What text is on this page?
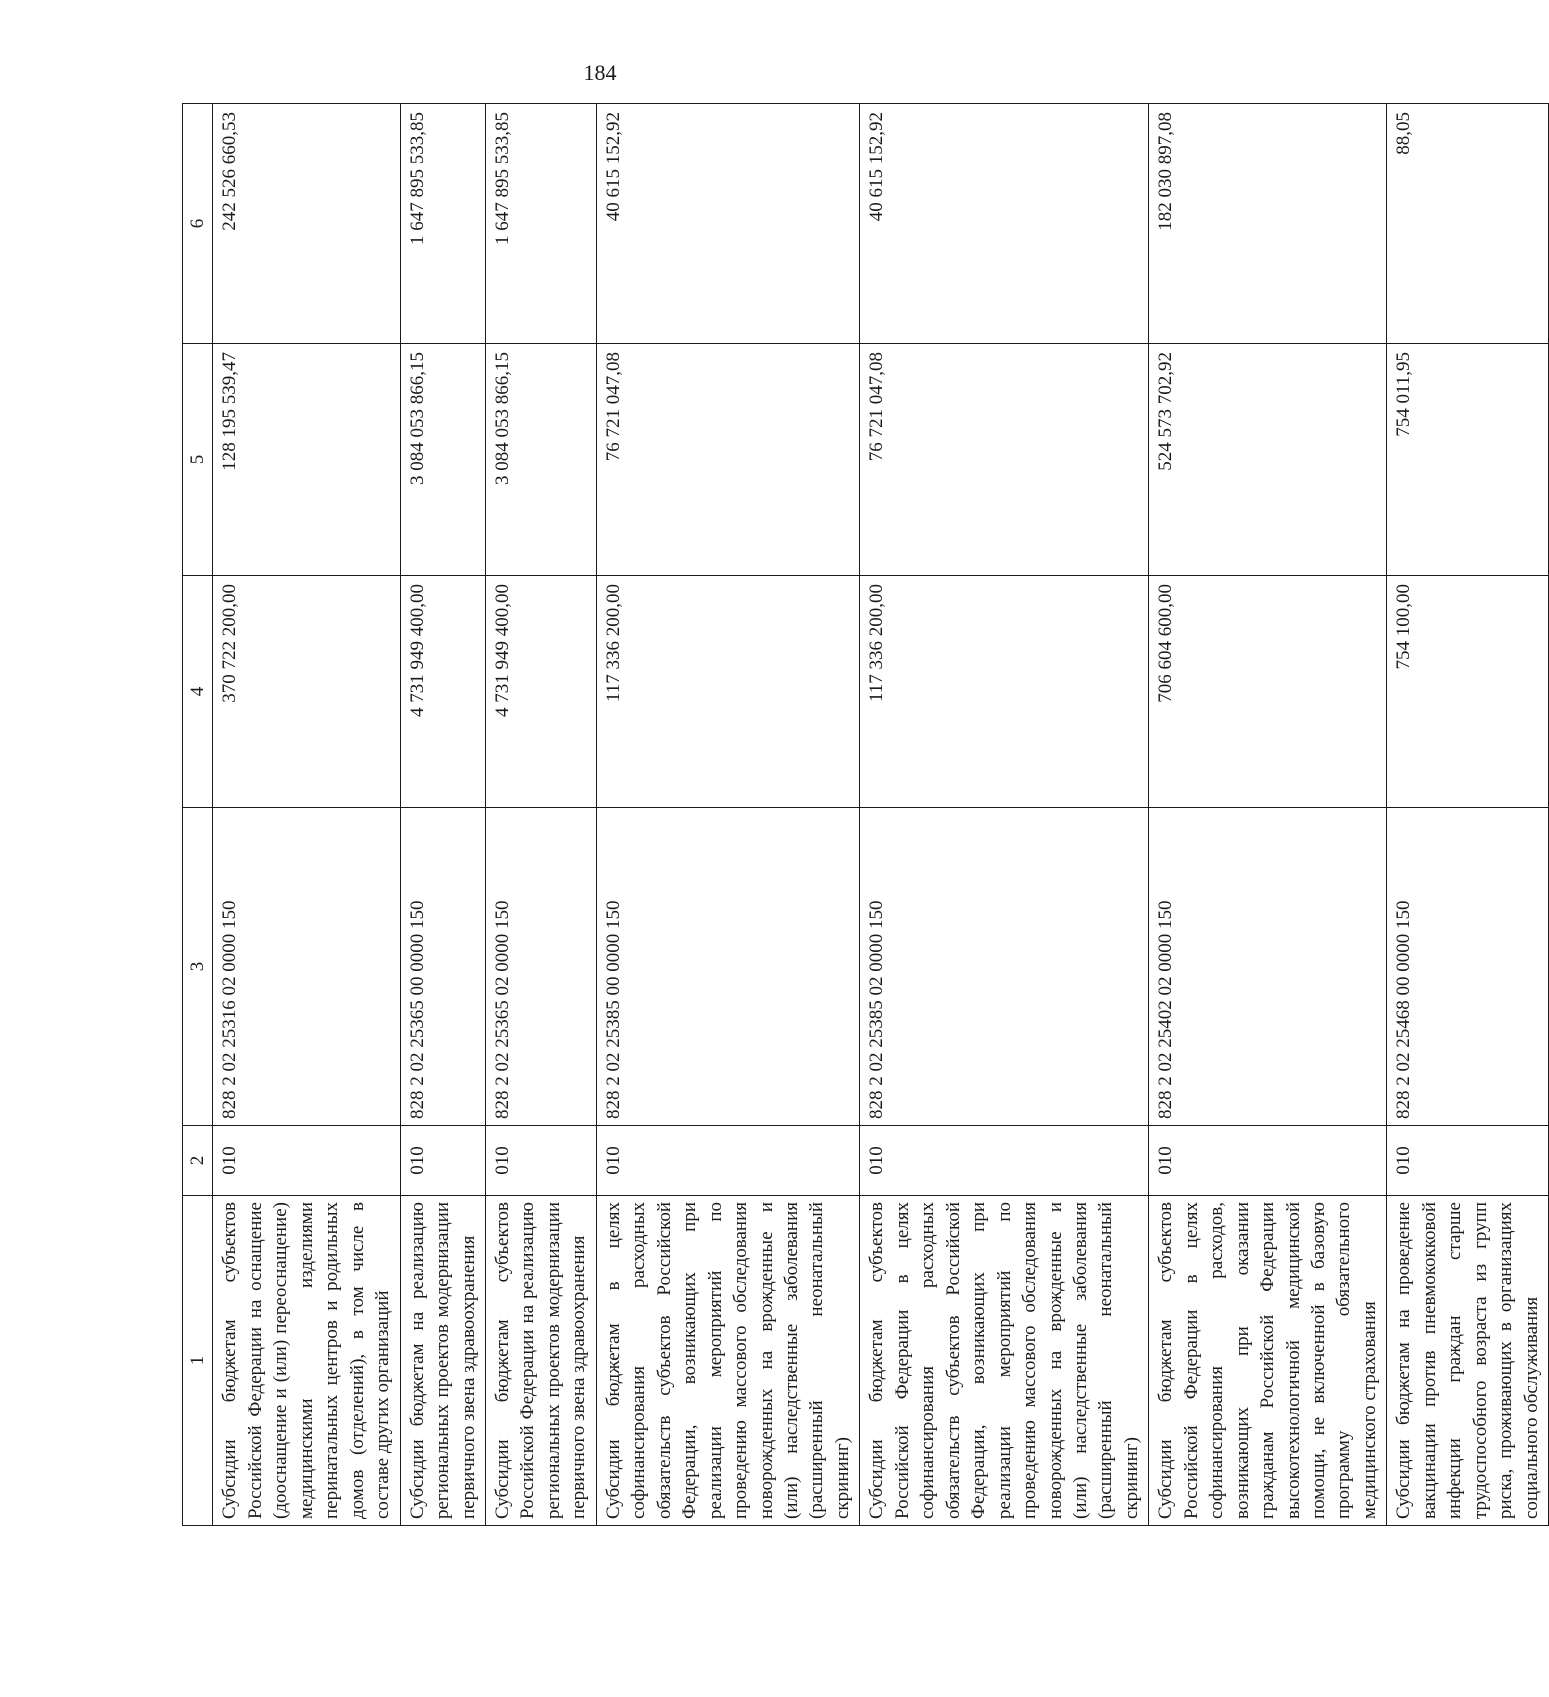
184
1	2	3	4	5	6
Субсидии бюджетам субъектов Российской Федерации на оснащение (дооснащение и (или) переоснащение) медицинскими изделиями перинатальных центров и родильных домов (отделений), в том числе в составе других организаций	010	828 2 02 25316 02 0000 150	370 722 200,00	128 195 539,47	242 526 660,53
Субсидии бюджетам на реализацию региональных проектов модернизации первичного звена здравоохранения	010	828 2 02 25365 00 0000 150	4 731 949 400,00	3 084 053 866,15	1 647 895 533,85
Субсидии бюджетам субъектов Российской Федерации на реализацию региональных проектов модернизации первичного звена здравоохранения	010	828 2 02 25365 02 0000 150	4 731 949 400,00	3 084 053 866,15	1 647 895 533,85
Субсидии бюджетам в целях софинансирования расходных обязательств субъектов Российской Федерации, возникающих при реализации мероприятий по проведению массового обследования новорожденных на врожденные и (или) наследственные заболевания (расширенный неонатальный скрининг)	010	828 2 02 25385 00 0000 150	117 336 200,00	76 721 047,08	40 615 152,92
Субсидии бюджетам субъектов Российской Федерации в целях софинансирования расходных обязательств субъектов Российской Федерации, возникающих при реализации мероприятий по проведению массового обследования новорожденных на врожденные и (или) наследственные заболевания (расширенный неонатальный скрининг)	010	828 2 02 25385 02 0000 150	117 336 200,00	76 721 047,08	40 615 152,92
Субсидии бюджетам субъектов Российской Федерации в целях софинансирования расходов, возникающих при оказании гражданам Российской Федерации высокотехнологичной медицинской помощи, не включенной в базовую программу обязательного медицинского страхования	010	828 2 02 25402 02 0000 150	706 604 600,00	524 573 702,92	182 030 897,08
Субсидии бюджетам на проведение вакцинации против пневмококковой инфекции граждан старше трудоспособного возраста из групп риска, проживающих в организациях социального обслуживания	010	828 2 02 25468 00 0000 150	754 100,00	754 011,95	88,05
